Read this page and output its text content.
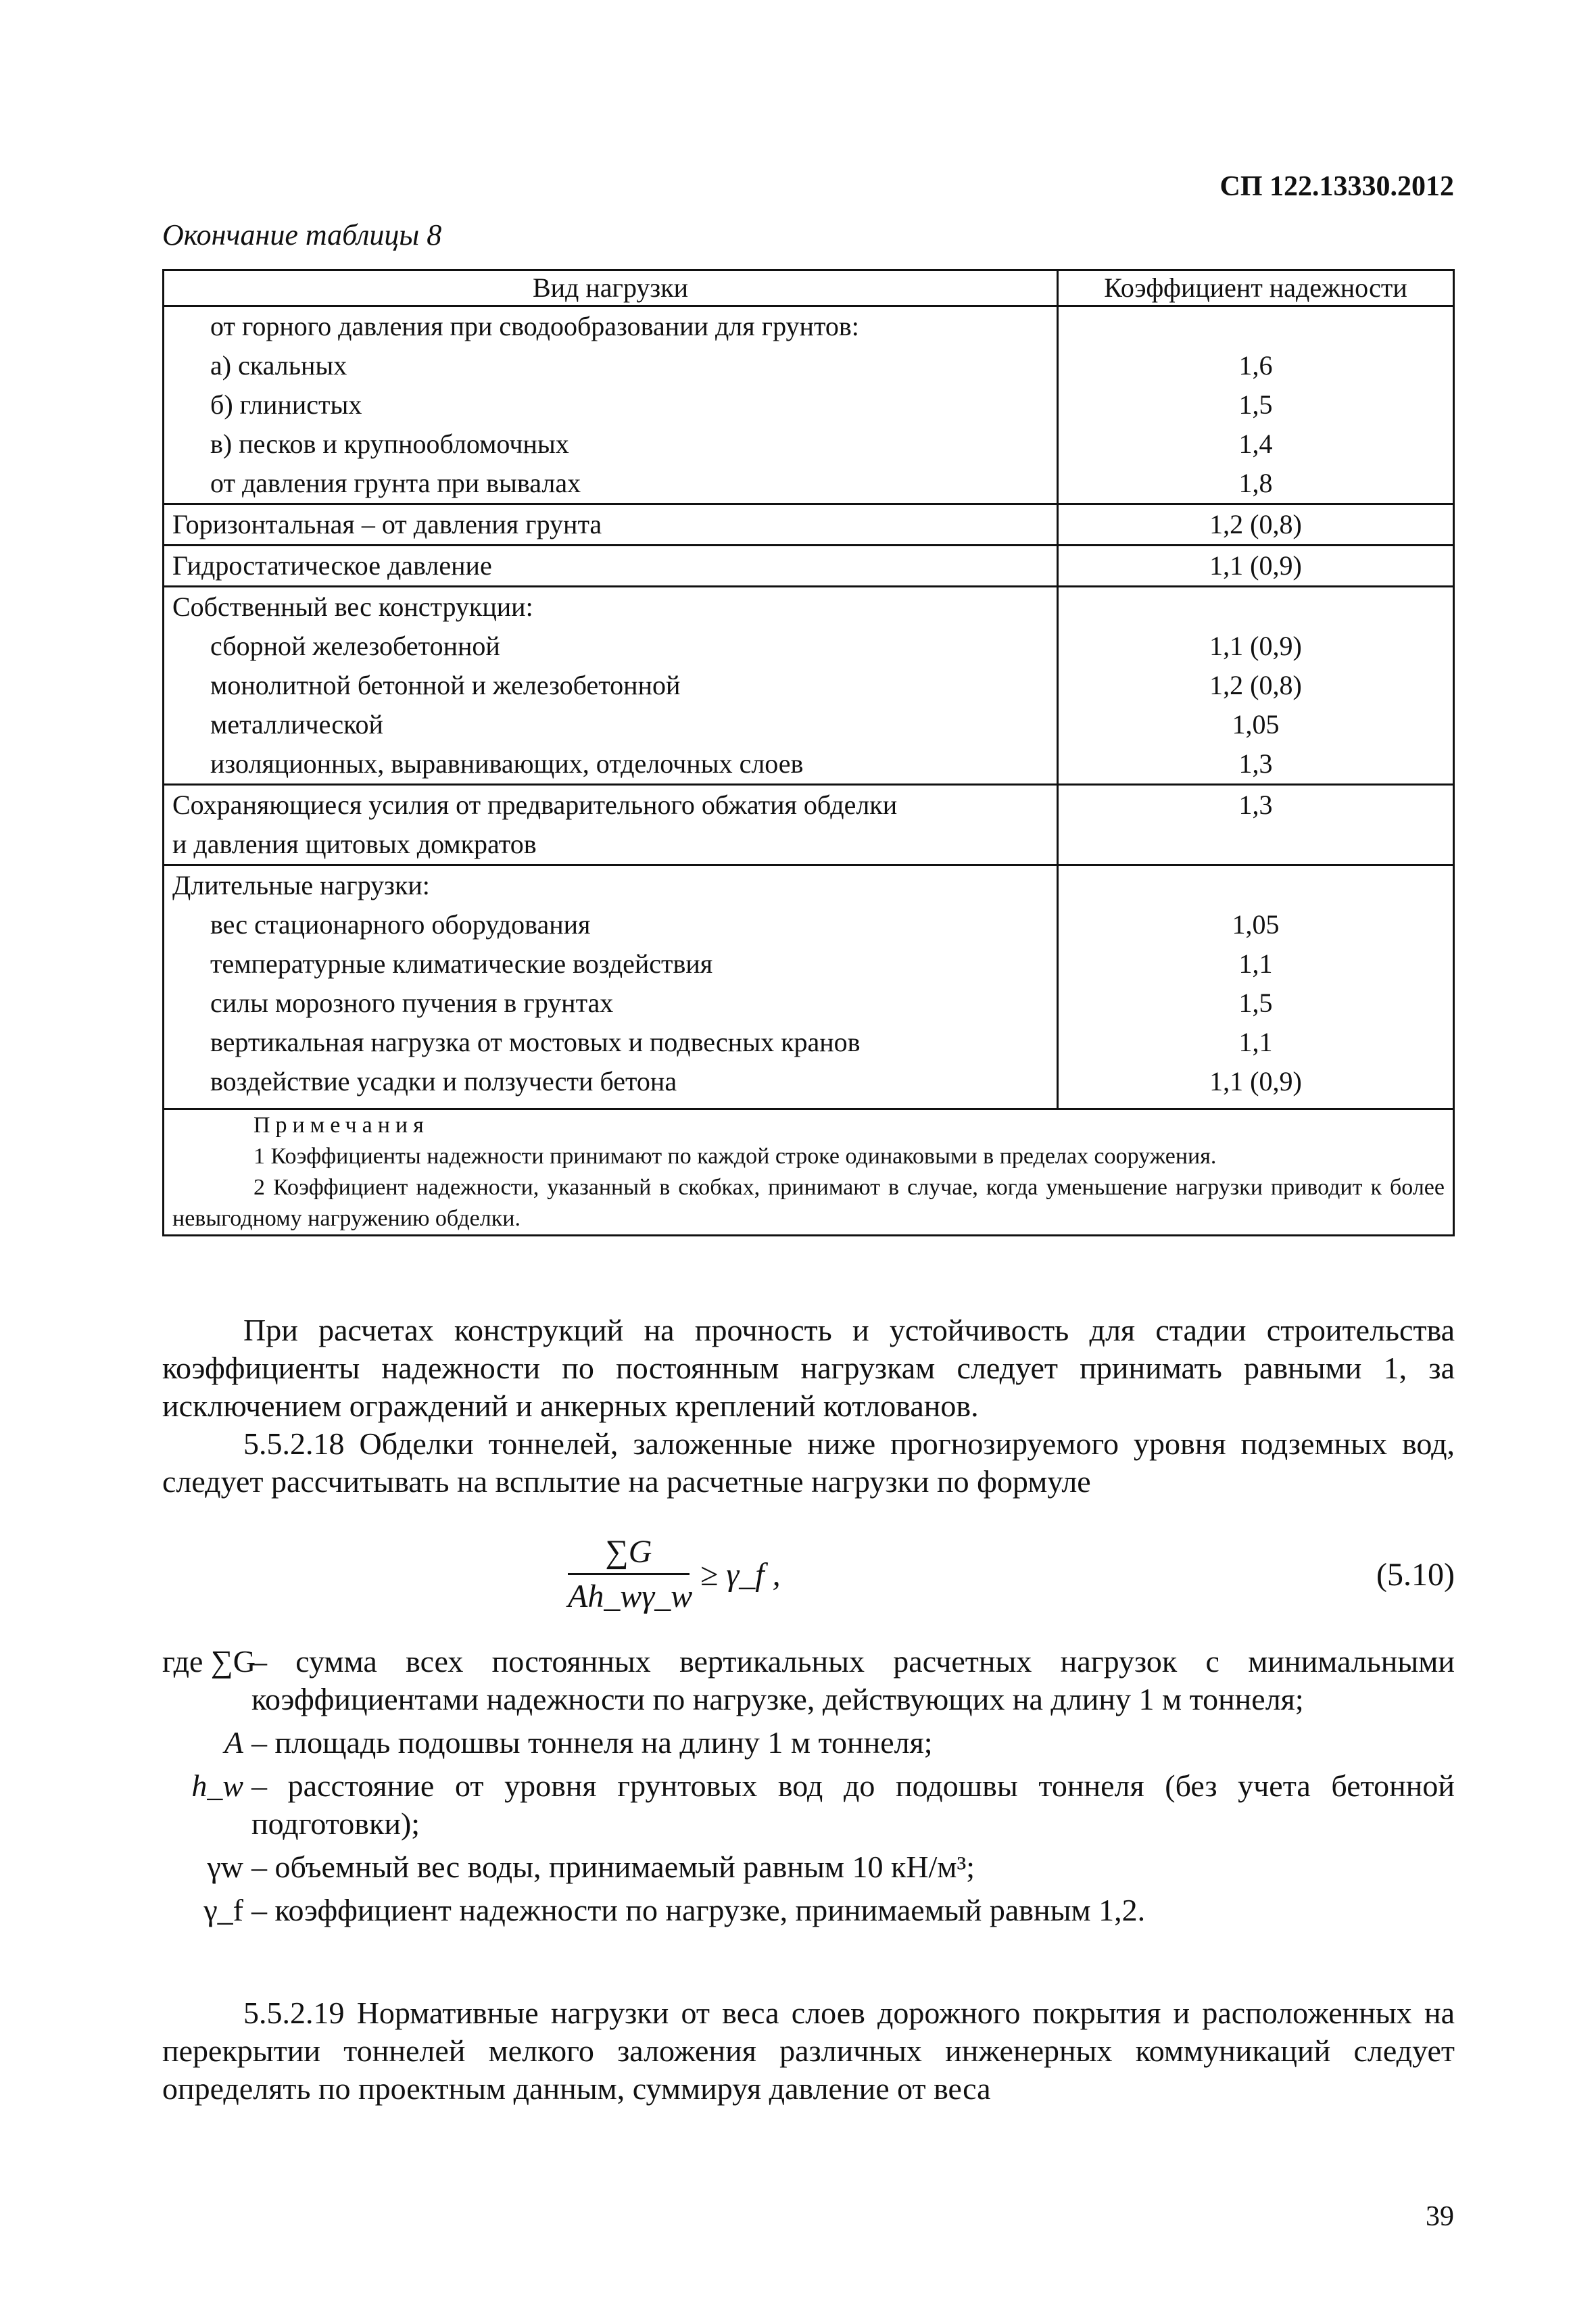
СП 122.13330.2012
Окончание таблицы 8
Вид нагрузки	Коэффициент надежности
от горного давления при сводообразовании для грунтов:	
а) скальных	1,6
б) глинистых	1,5
в) песков и крупнообломочных	1,4
от давления грунта при вывалах	1,8
Горизонтальная – от давления грунта	1,2 (0,8)
Гидростатическое давление	1,1 (0,9)
Собственный вес конструкции:	
сборной железобетонной	1,1 (0,9)
монолитной бетонной и железобетонной	1,2 (0,8)
металлической	1,05
изоляционных, выравнивающих, отделочных слоев	1,3
Сохраняющиеся усилия от предварительного обжатия обделки	1,3
и давления щитовых домкратов	
Длительные нагрузки:	
вес стационарного оборудования	1,05
температурные климатические воздействия	1,1
силы морозного пучения в грунтах	1,5
вертикальная нагрузка от мостовых и подвесных кранов	1,1
воздействие усадки и ползучести бетона	1,1 (0,9)

Примечания
1 Коэффициенты надежности принимают по каждой строке одинаковыми в пределах сооружения.
2 Коэффициент надежности, указанный в скобках, принимают в случае, когда уменьшение нагрузки приводит к более невыгодному нагружению обделки.	

При расчетах конструкций на прочность и устойчивость для стадии строительства коэффициенты надежности по постоянным нагрузкам следует принимать равными 1, за исключением ограждений и анкерных креплений котлованов.

5.5.2.18 Обделки тоннелей, заложенные ниже прогнозируемого уровня подземных вод, следует рассчитывать на всплытие на расчетные нагрузки по формуле

$\frac{\sum G}{Ah\_w\gamma\_w}$ ≥ γ_f ,	(5.10)
где ∑G
– сумма всех постоянных вертикальных расчетных нагрузок с минимальными коэффициентами надежности по нагрузке, действующих на длину 1 м тоннеля;
A – площадь подошвы тоннеля на длину 1 м тоннеля;
h_w – расстояние от уровня грунтовых вод до подошвы тоннеля (без учета бетонной подготовки);
γw – объемный вес воды, принимаемый равным 10 кН/м³;
γ_f – коэффициент надежности по нагрузке, принимаемый равным 1,2.

5.5.2.19 Нормативные нагрузки от веса слоев дорожного покрытия и расположенных на перекрытии тоннелей мелкого заложения различных инженерных коммуникаций следует определять по проектным данным, суммируя давление от веса

39
